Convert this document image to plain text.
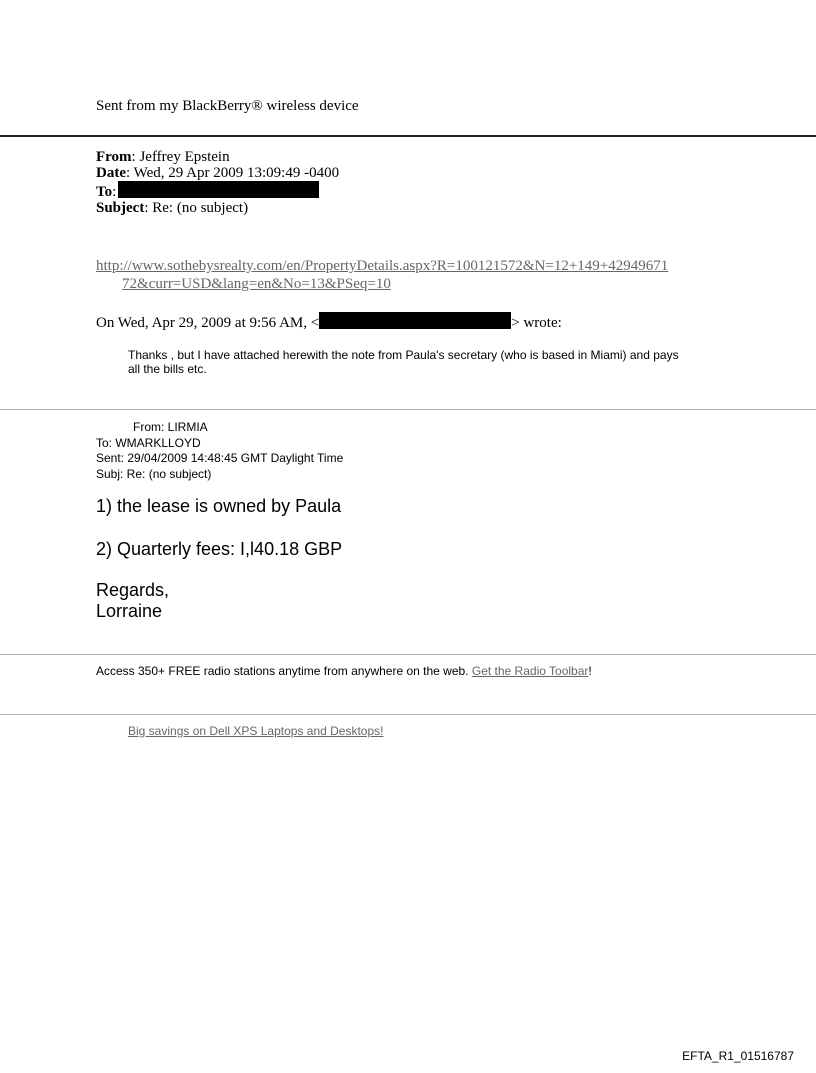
Sent from my BlackBerry® wireless device
From: Jeffrey Epstein
Date: Wed, 29 Apr 2009 13:09:49 -0400
To:
Subject: Re: (no subject)
http://www.sothebysrealty.com/en/PropertyDetails.aspx?R=100121572&N=12+149+42949671
72&curr=USD&lang=en&No=13&PSeq=10
On Wed, Apr 29, 2009 at 9:56 AM, <	> wrote:
Thanks , but I have attached herewith the note from Paula's secretary (who is based in Miami) and pays
all the bills etc.
From: LIRMIA
To: WMARKLLOYD
Sent: 29/04/2009 14:48:45 GMT Daylight Time
Subj: Re: (no subject)
1) the lease is owned by Paula
2) Quarterly fees: I,l40.18 GBP
Regards,
Lorraine
Access 350+ FREE radio stations anytime from anywhere on the web. Get the Radio Toolbar!
Big savings on Dell XPS Laptops and Desktops!
EFTA_R1_01516787
